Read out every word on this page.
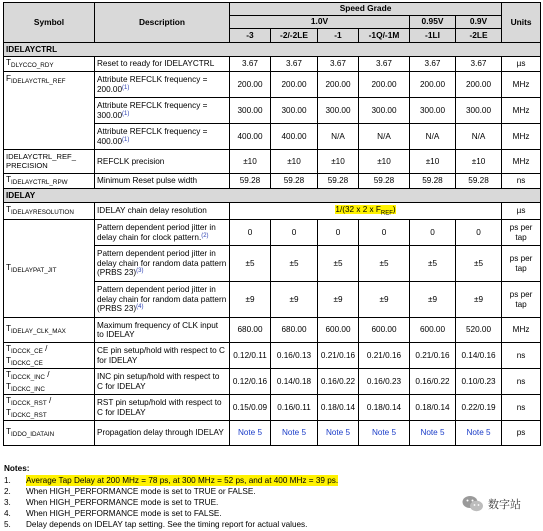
Symbol	Description	Speed Grade						Units
		1.0V				0.95V	0.9V	
		-3	-2/-2LE	-1	-1Q/-1M	-1LI	-2LE	
IDELAYCTRL								
$T_{DLYCCO\_RDY}$	Reset to ready for IDELAYCTRL	3.67	3.67	3.67	3.67	3.67	3.67	µs
$F_{IDELAYCTRL\_REF}$	Attribute REFCLK frequency = 200.00$^{(1)}$	200.00	200.00	200.00	200.00	200.00	200.00	MHz
	Attribute REFCLK frequency = 300.00$^{(1)}$	300.00	300.00	300.00	300.00	300.00	300.00	MHz
	Attribute REFCLK frequency = 400.00$^{(1)}$	400.00	400.00	N/A	N/A	N/A	N/A	MHz
IDELAYCTRL_REF_ PRECISION	REFCLK precision	±10	±10	±10	±10	±10	±10	MHz
$T_{IDELAYCTRL\_RPW}$	Minimum Reset pulse width	59.28	59.28	59.28	59.28	59.28	59.28	ns
IDELAY								
$T_{IDELAYRESOLUTION}$	IDELAY chain delay resolution	1/(32 x 2 x $F_{REF}$)						µs
$T_{IDELAYPAT\_JIT}$	Pattern dependent period jitter in delay chain for clock pattern.$^{(2)}$	0	0	0	0	0	0	ps per tap
	Pattern dependent period jitter in delay chain for random data pattern (PRBS 23)$^{(3)}$	±5	±5	±5	±5	±5	±5	ps per tap
	Pattern dependent period jitter in delay chain for random data pattern (PRBS 23)$^{(4)}$	±9	±9	±9	±9	±9	±9	ps per tap
$T_{IDELAY\_CLK\_MAX}$	Maximum frequency of CLK input to IDELAY	680.00	680.00	600.00	600.00	600.00	520.00	MHz
$T_{IDCCK\_CE}$ /
$T_{IDCKC\_CE}$	CE pin setup/hold with respect to C for IDELAY	0.12/0.11	0.16/0.13	0.21/0.16	0.21/0.16	0.21/0.16	0.14/0.16	ns
$T_{IDCCK\_INC}$ /
$T_{IDCKC\_INC}$	INC pin setup/hold with respect to C for IDELAY	0.12/0.16	0.14/0.18	0.16/0.22	0.16/0.23	0.16/0.22	0.10/0.23	ns
$T_{IDCCK\_RST}$ /
$T_{IDCKC\_RST}$	RST pin setup/hold with respect to C for IDELAY	0.15/0.09	0.16/0.11	0.18/0.14	0.18/0.14	0.18/0.14	0.22/0.19	ns
$T_{IDDO\_IDATAIN}$	Propagation delay through IDELAY	Note 5	Note 5	Note 5	Note 5	Note 5	Note 5	ps
Notes:
1.	Average Tap Delay at 200 MHz = 78 ps, at 300 MHz = 52 ps, and at 400 MHz = 39 ps.
2.	When HIGH_PERFORMANCE mode is set to TRUE or FALSE.
3.	When HIGH_PERFORMANCE mode is set to TRUE.
4.	When HIGH_PERFORMANCE mode is set to FALSE.
5.	Delay depends on IDELAY tap setting. See the timing report for actual values.
数字站
